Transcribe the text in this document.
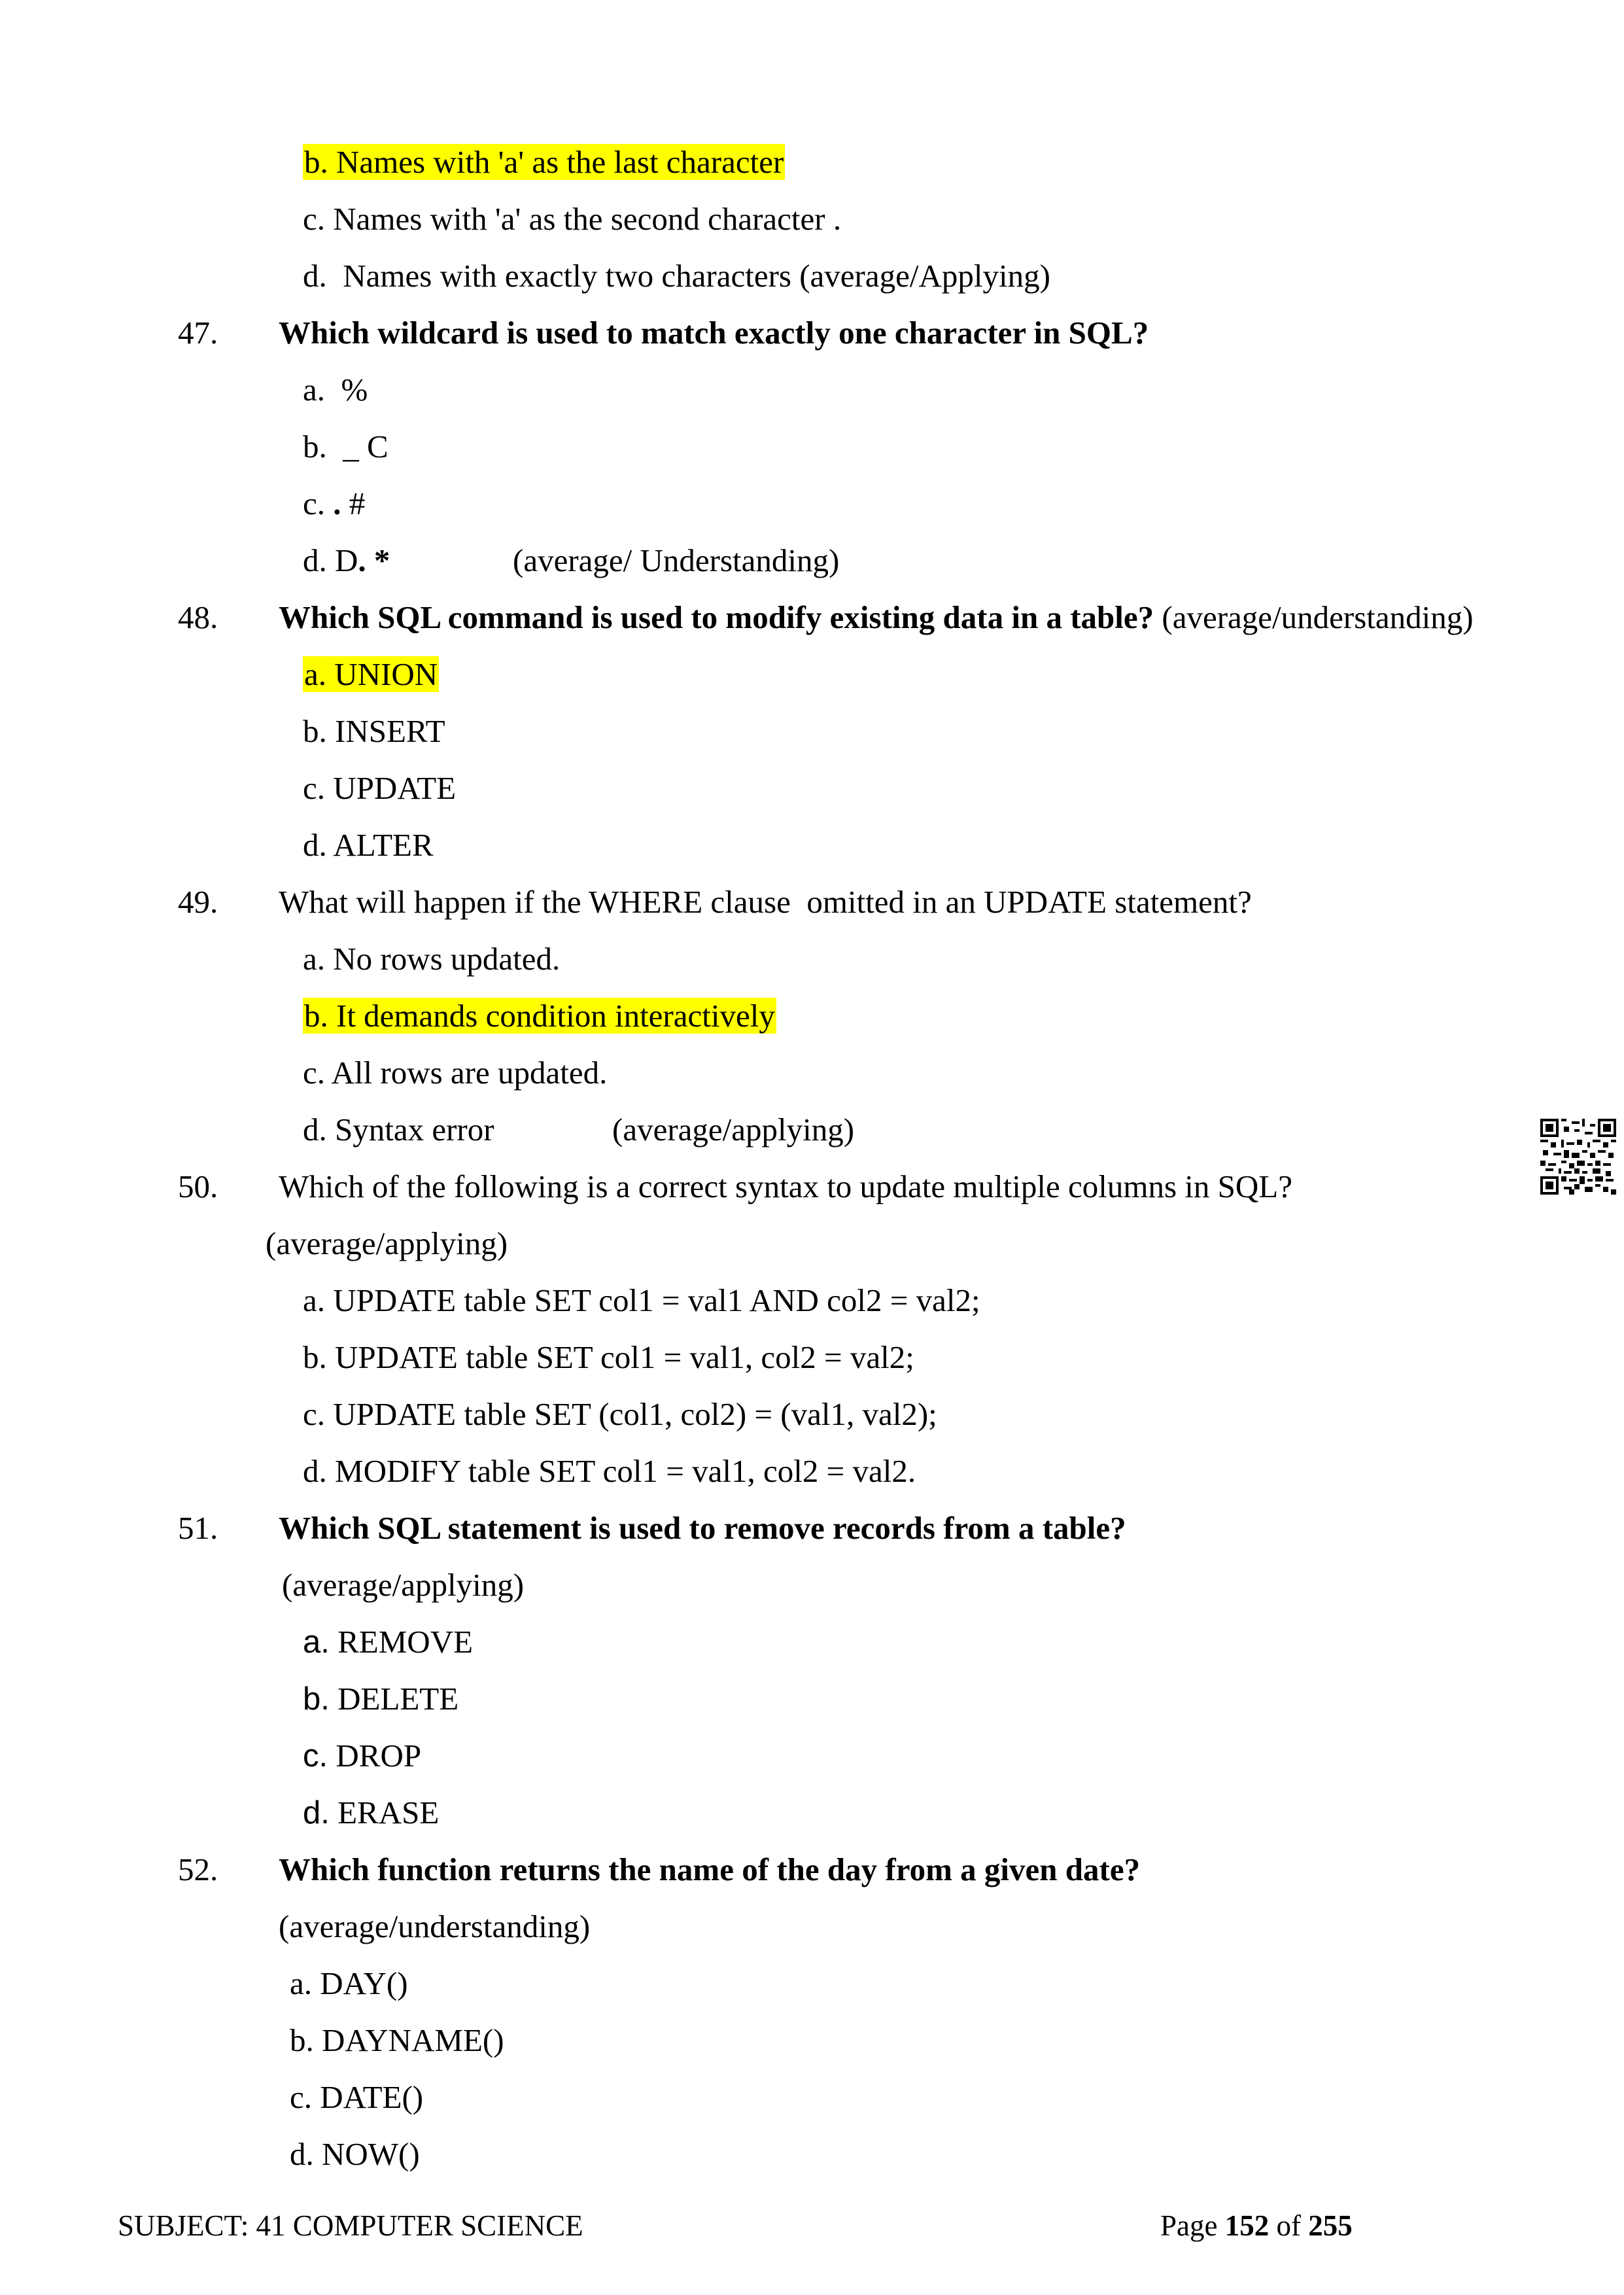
b. Names with 'a' as the last character
c. Names with 'a' as the second character .
d.  Names with exactly two characters (average/Applying)
47.	Which wildcard is used to match exactly one character in SQL?
a.  %
b.  _ C
c. . #
d. D. *	(average/ Understanding)
48.	Which SQL command is used to modify existing data in a table? (average/understanding)
a. UNION
b. INSERT
c. UPDATE
d. ALTER
49.	What will happen if the WHERE clause  omitted in an UPDATE statement?
a. No rows updated.
b. It demands condition interactively
c. All rows are updated.
d. Syntax error	(average/applying)
50.	Which of the following is a correct syntax to update multiple columns in SQL?
(average/applying)
a. UPDATE table SET col1 = val1 AND col2 = val2;
b. UPDATE table SET col1 = val1, col2 = val2;
c. UPDATE table SET (col1, col2) = (val1, val2);
d. MODIFY table SET col1 = val1, col2 = val2.
51.	Which SQL statement is used to remove records from a table?
(average/applying)
a. REMOVE
b. DELETE
c. DROP
d. ERASE
52.	Which function returns the name of the day from a given date?
(average/understanding)
a. DAY()
b. DAYNAME()
c. DATE()
d. NOW()
SUBJECT: 41 COMPUTER SCIENCE	Page 152 of 255
